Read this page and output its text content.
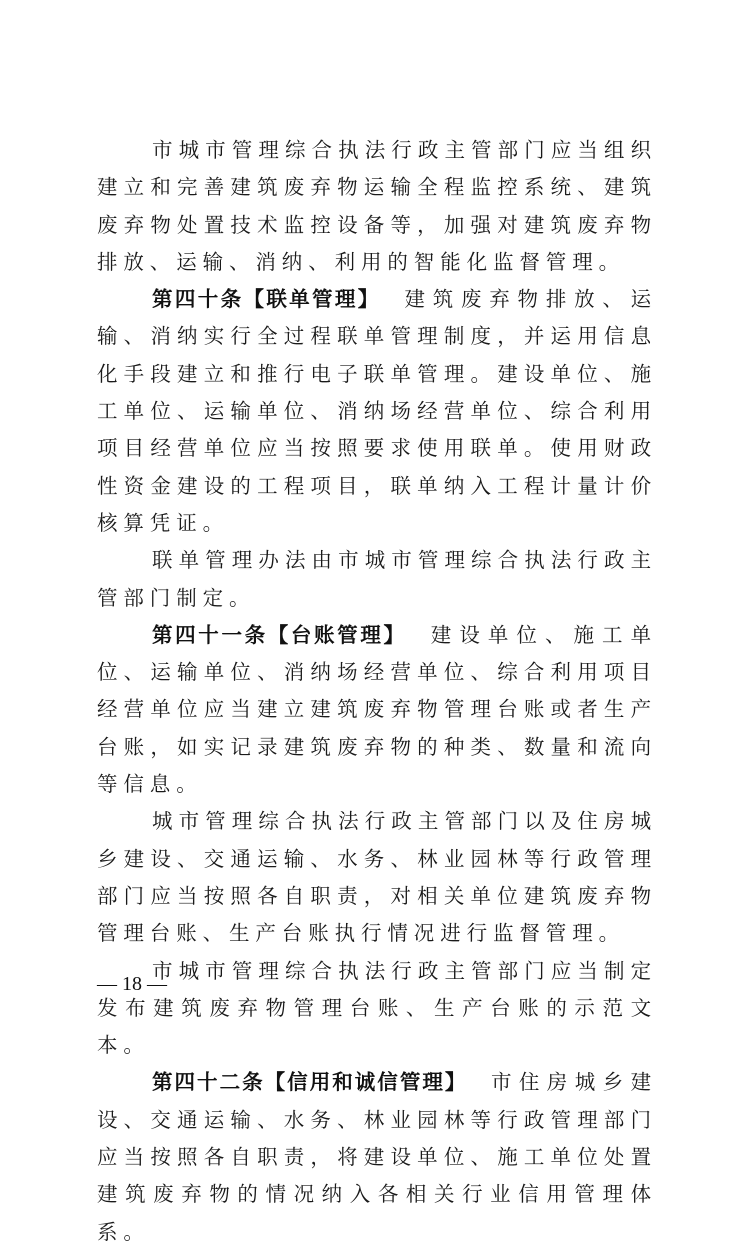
市城市管理综合执法行政主管部门应当组织建立和完善建筑废弃物运输全程监控系统、建筑废弃物处置技术监控设备等，加强对建筑废弃物排放、运输、消纳、利用的智能化监督管理。

第四十条【联单管理】 建筑废弃物排放、运输、消纳实行全过程联单管理制度，并运用信息化手段建立和推行电子联单管理。建设单位、施工单位、运输单位、消纳场经营单位、综合利用项目经营单位应当按照要求使用联单。使用财政性资金建设的工程项目，联单纳入工程计量计价核算凭证。

联单管理办法由市城市管理综合执法行政主管部门制定。

第四十一条【台账管理】 建设单位、施工单位、运输单位、消纳场经营单位、综合利用项目经营单位应当建立建筑废弃物管理台账或者生产台账，如实记录建筑废弃物的种类、数量和流向等信息。

城市管理综合执法行政主管部门以及住房城乡建设、交通运输、水务、林业园林等行政管理部门应当按照各自职责，对相关单位建筑废弃物管理台账、生产台账执行情况进行监督管理。

市城市管理综合执法行政主管部门应当制定发布建筑废弃物管理台账、生产台账的示范文本。

第四十二条【信用和诚信管理】 市住房城乡建设、交通运输、水务、林业园林等行政管理部门应当按照各自职责，将建设单位、施工单位处置建筑废弃物的情况纳入各相关行业信用管理体系。

— 18 —
